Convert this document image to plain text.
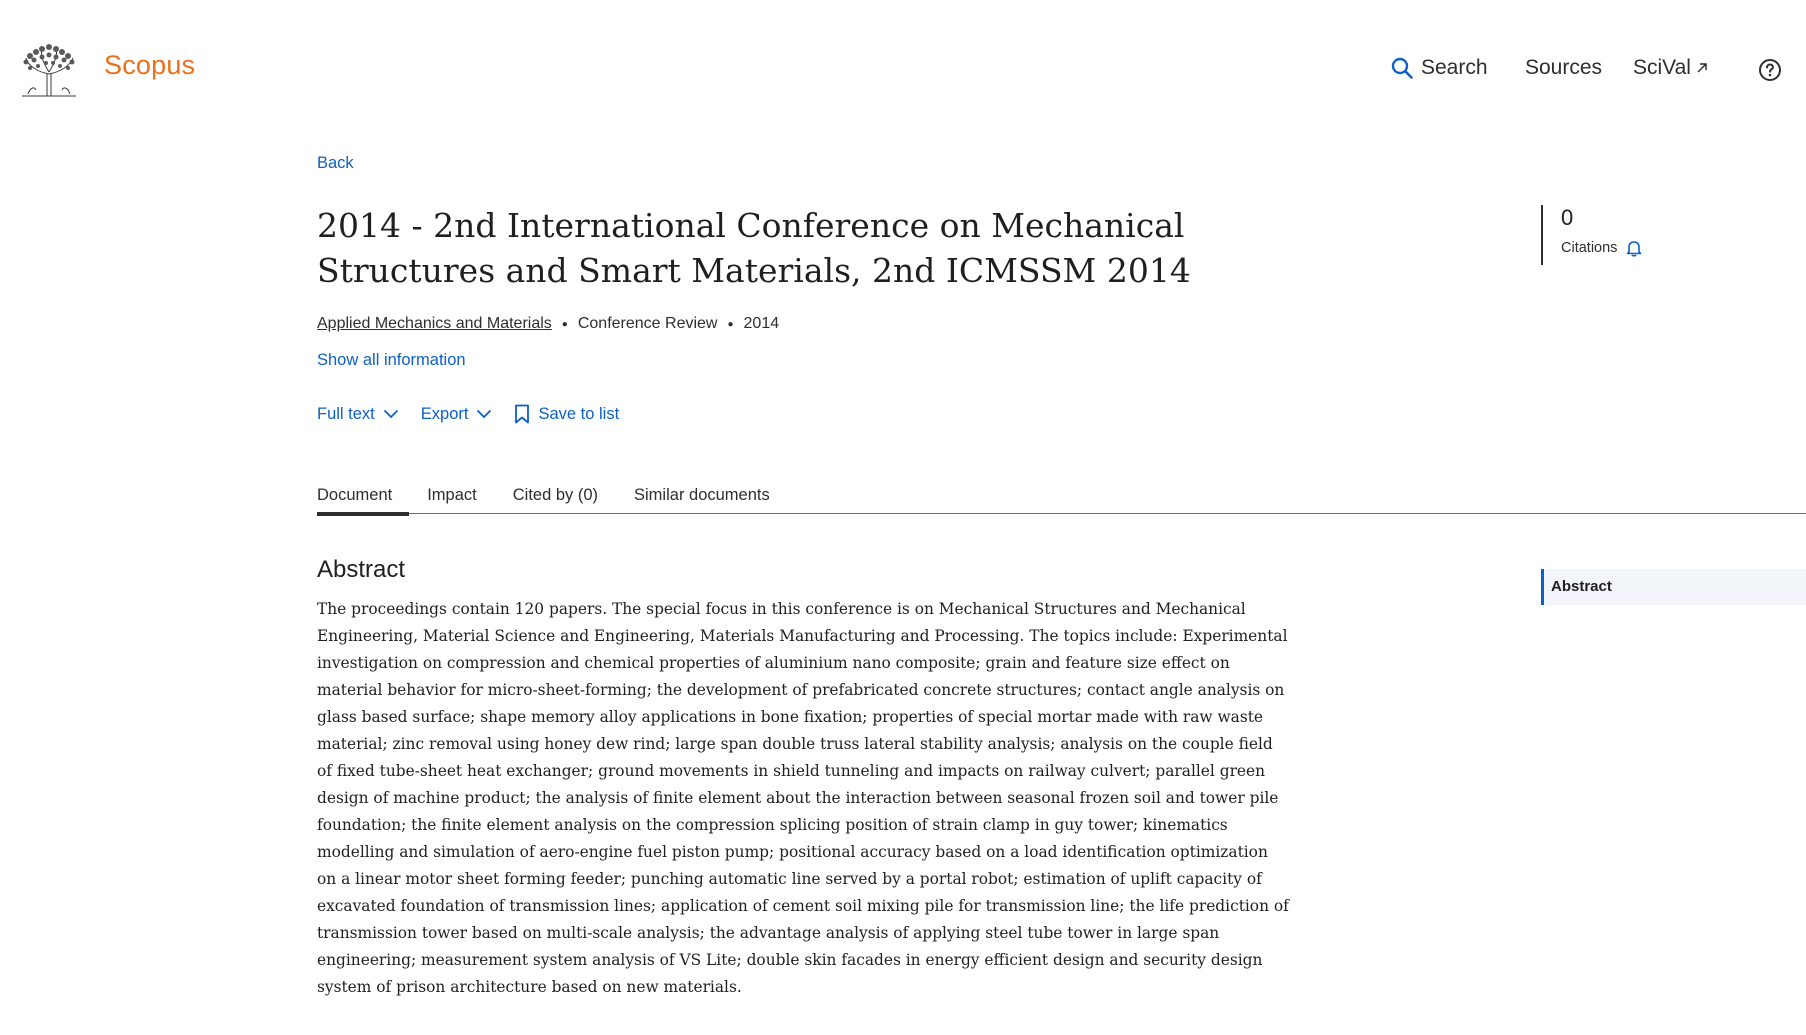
Scopus	Search Sources SciVal
Back
2014 - 2nd International Conference on Mechanical Structures and Smart Materials, 2nd ICMSSM 2014
Applied Mechanics and Materials ● Conference Review ● 2014
Show all information
Full text	Export	Save to list
0
Citations
Document	Impact	Cited by (0)	Similar documents
Abstract

The proceedings contain 120 papers. The special focus in this conference is on Mechanical Structures and Mechanical Engineering, Material Science and Engineering, Materials Manufacturing and Processing. The topics include: Experimental investigation on compression and chemical properties of aluminium nano composite; grain and feature size effect on material behavior for micro-sheet-forming; the development of prefabricated concrete structures; contact angle analysis on glass based surface; shape memory alloy applications in bone fixation; properties of special mortar made with raw waste material; zinc removal using honey dew rind; large span double truss lateral stability analysis; analysis on the couple field of fixed tube-sheet heat exchanger; ground movements in shield tunneling and impacts on railway culvert; parallel green design of machine product; the analysis of finite element about the interaction between seasonal frozen soil and tower pile foundation; the finite element analysis on the compression splicing position of strain clamp in guy tower; kinematics modelling and simulation of aero-engine fuel piston pump; positional accuracy based on a load identification optimization on a linear motor sheet forming feeder; punching automatic line served by a portal robot; estimation of uplift capacity of excavated foundation of transmission lines; application of cement soil mixing pile for transmission line; the life prediction of transmission tower based on multi-scale analysis; the advantage analysis of applying steel tube tower in large span engineering; measurement system analysis of VS Lite; double skin facades in energy efficient design and security design system of prison architecture based on new materials.

Abstract
